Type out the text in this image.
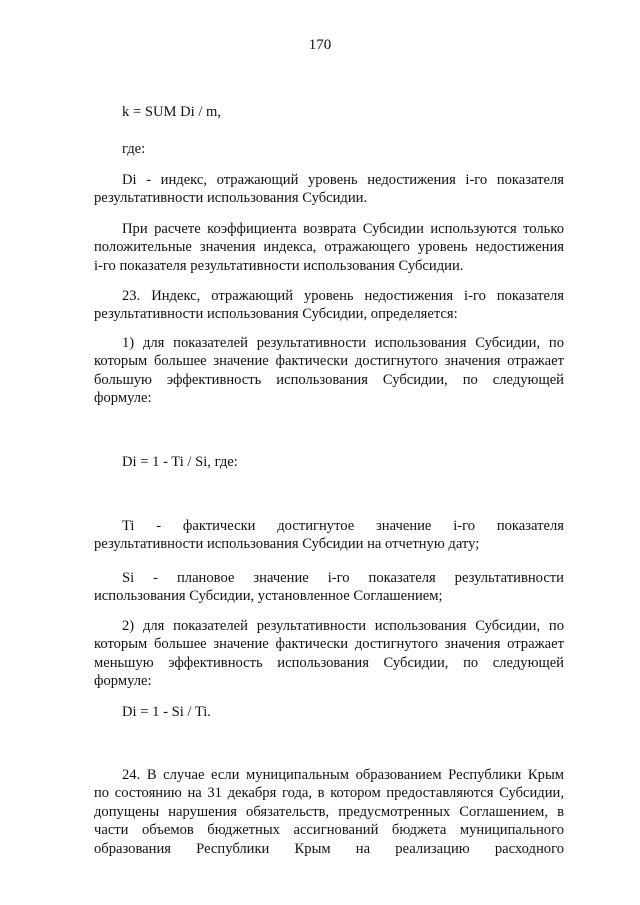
170
k = SUM Di / m,
где:
Di - индекс, отражающий уровень недостижения i-го показателя
результативности использования Субсидии.
При расчете коэффициента возврата Субсидии используются только
положительные значения индекса, отражающего уровень недостижения
i-го показателя результативности использования Субсидии.
23. Индекс, отражающий уровень недостижения i-го показателя
результативности использования Субсидии, определяется:
1) для показателей результативности использования Субсидии, по
которым большее значение фактически достигнутого значения отражает
большую эффективность использования Субсидии, по следующей
формуле:
Di = 1 - Ti / Si, где:
Ti - фактически достигнутое значение i-го показателя
результативности использования Субсидии на отчетную дату;
Si - плановое значение i-го показателя результативности
использования Субсидии, установленное Соглашением;
2) для показателей результативности использования Субсидии, по
которым большее значение фактически достигнутого значения отражает
меньшую эффективность использования Субсидии, по следующей
формуле:
Di = 1 - Si / Ti.
24. В случае если муниципальным образованием Республики Крым
по состоянию на 31 декабря года, в котором предоставляются Субсидии,
допущены нарушения обязательств, предусмотренных Соглашением, в
части объемов бюджетных ассигнований бюджета муниципального
образования Республики Крым на реализацию расходного
